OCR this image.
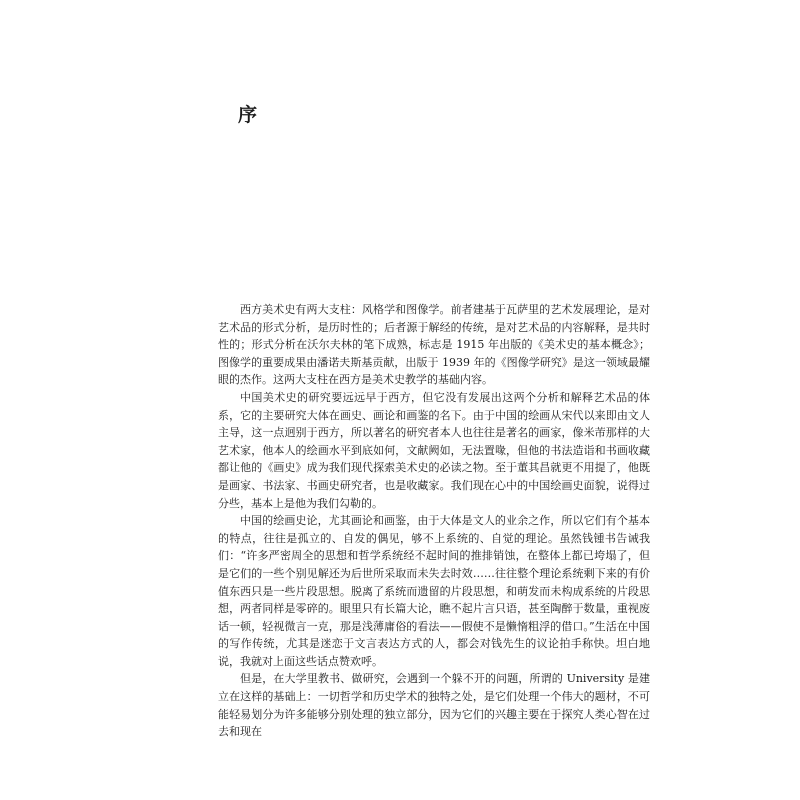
序

西方美术史有两大支柱：风格学和图像学。前者建基于瓦萨里的艺术发展理论，是对艺术品的形式分析，是历时性的；后者源于解经的传统，是对艺术品的内容解释，是共时性的；形式分析在沃尔夫林的笔下成熟，标志是 1915 年出版的《美术史的基本概念》；图像学的重要成果由潘诺夫斯基贡献，出版于 1939 年的《图像学研究》是这一领域最耀眼的杰作。这两大支柱在西方是美术史教学的基础内容。

中国美术史的研究要远远早于西方，但它没有发展出这两个分析和解释艺术品的体系，它的主要研究大体在画史、画论和画鉴的名下。由于中国的绘画从宋代以来即由文人主导，这一点迥别于西方，所以著名的研究者本人也往往是著名的画家，像米芾那样的大艺术家，他本人的绘画水平到底如何，文献阙如，无法置喙，但他的书法造诣和书画收藏都让他的《画史》成为我们现代探索美术史的必读之物。至于董其昌就更不用提了，他既是画家、书法家、书画史研究者，也是收藏家。我们现在心中的中国绘画史面貌，说得过分些，基本上是他为我们勾勒的。

中国的绘画史论，尤其画论和画鉴，由于大体是文人的业余之作，所以它们有个基本的特点，往往是孤立的、自发的偶见，够不上系统的、自觉的理论。虽然钱锺书告诫我们：“许多严密周全的思想和哲学系统经不起时间的推排销蚀，在整体上都已垮塌了，但是它们的一些个别见解还为后世所采取而未失去时效……往往整个理论系统剩下来的有价值东西只是一些片段思想。脱离了系统而遗留的片段思想，和萌发而未构成系统的片段思想，两者同样是零碎的。眼里只有长篇大论，瞧不起片言只语，甚至陶醉于数量，重视废话一顿，轻视微言一克，那是浅薄庸俗的看法——假使不是懒惰粗浮的借口。”生活在中国的写作传统，尤其是迷恋于文言表达方式的人，都会对钱先生的议论拍手称快。坦白地说，我就对上面这些话点赞欢呼。

但是，在大学里教书、做研究，会遇到一个躲不开的问题，所谓的 University 是建立在这样的基础上：一切哲学和历史学术的独特之处，是它们处理一个伟大的题材，不可能轻易划分为许多能够分别处理的独立部分，因为它们的兴趣主要在于探究人类心智在过去和现在
